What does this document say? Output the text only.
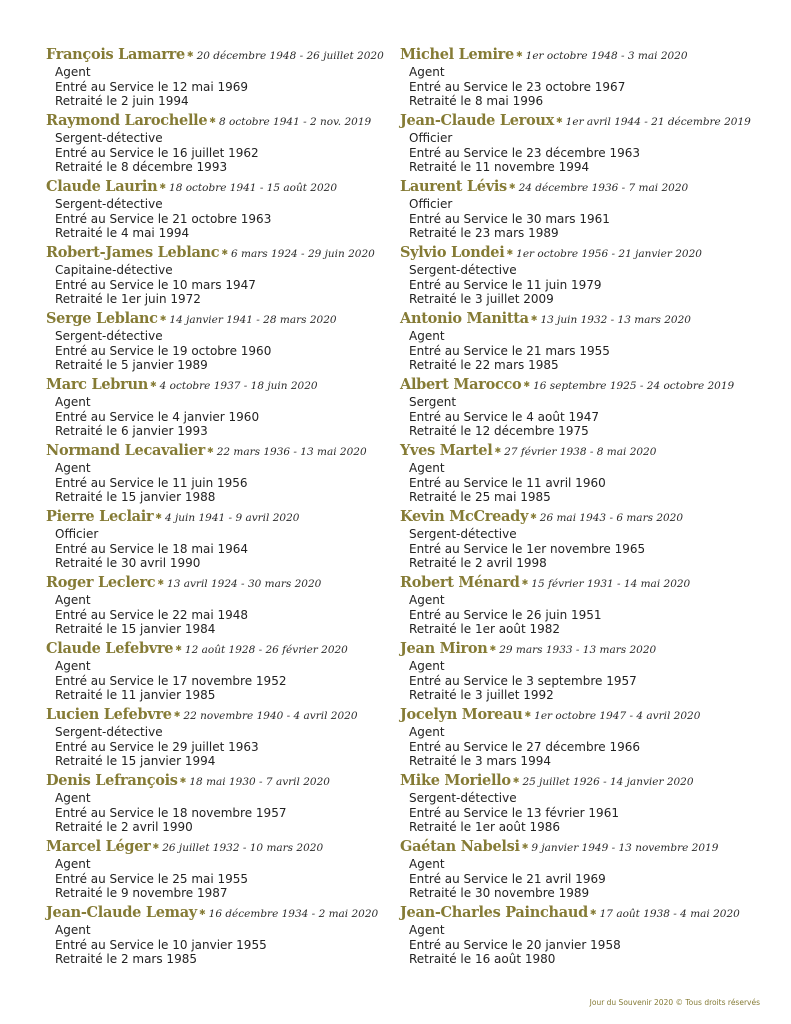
François Lamarre ✱ 20 décembre 1948 - 26 juillet 2020
Agent
Entré au Service le 12 mai 1969
Retraité le 2 juin 1994
Raymond Larochelle ✱ 8 octobre 1941 - 2 nov. 2019
Sergent-détective
Entré au Service le 16 juillet 1962
Retraité le 8 décembre 1993
Claude Laurin ✱ 18 octobre 1941 - 15 août 2020
Sergent-détective
Entré au Service le 21 octobre 1963
Retraité le 4 mai 1994
Robert-James Leblanc ✱ 6 mars 1924 - 29 juin 2020
Capitaine-détective
Entré au Service le 10 mars 1947
Retraité le 1er juin 1972
Serge Leblanc ✱ 14 janvier 1941 - 28 mars 2020
Sergent-détective
Entré au Service le 19 octobre 1960
Retraité le 5 janvier 1989
Marc Lebrun ✱ 4 octobre 1937 - 18 juin 2020
Agent
Entré au Service le 4 janvier 1960
Retraité le 6 janvier 1993
Normand Lecavalier ✱ 22 mars 1936 - 13 mai 2020
Agent
Entré au Service le 11 juin 1956
Retraité le 15 janvier 1988
Pierre Leclair ✱ 4 juin 1941 - 9 avril 2020
Officier
Entré au Service le 18 mai 1964
Retraité le 30 avril 1990
Roger Leclerc ✱ 13 avril 1924 - 30 mars 2020
Agent
Entré au Service le 22 mai 1948
Retraité le 15 janvier 1984
Claude Lefebvre ✱ 12 août 1928 - 26 février 2020
Agent
Entré au Service le 17 novembre 1952
Retraité le 11 janvier 1985
Lucien Lefebvre ✱ 22 novembre 1940 - 4 avril 2020
Sergent-détective
Entré au Service le 29 juillet 1963
Retraité le 15 janvier 1994
Denis Lefrançois ✱ 18 mai 1930 - 7 avril 2020
Agent
Entré au Service le 18 novembre 1957
Retraité le 2 avril 1990
Marcel Léger ✱ 26 juillet 1932 - 10 mars 2020
Agent
Entré au Service le 25 mai 1955
Retraité le 9 novembre 1987
Jean-Claude Lemay ✱ 16 décembre 1934 - 2 mai 2020
Agent
Entré au Service le 10 janvier 1955
Retraité le 2 mars 1985
Michel Lemire ✱ 1er octobre 1948 - 3 mai 2020
Agent
Entré au Service le 23 octobre 1967
Retraité le 8 mai 1996
Jean-Claude Leroux ✱ 1er avril 1944 - 21 décembre 2019
Officier
Entré au Service le 23 décembre 1963
Retraité le 11 novembre 1994
Laurent Lévis ✱ 24 décembre 1936 - 7 mai 2020
Officier
Entré au Service le 30 mars 1961
Retraité le 23 mars 1989
Sylvio Londei ✱ 1er octobre 1956 - 21 janvier 2020
Sergent-détective
Entré au Service le 11 juin 1979
Retraité le 3 juillet 2009
Antonio Manitta ✱ 13 juin 1932 - 13 mars 2020
Agent
Entré au Service le 21 mars 1955
Retraité le 22 mars 1985
Albert Marocco ✱ 16 septembre 1925 - 24 octobre 2019
Sergent
Entré au Service le 4 août 1947
Retraité le 12 décembre 1975
Yves Martel ✱ 27 février 1938 - 8 mai 2020
Agent
Entré au Service le 11 avril 1960
Retraité le 25 mai 1985
Kevin McCready ✱ 26 mai 1943 - 6 mars 2020
Sergent-détective
Entré au Service le 1er novembre 1965
Retraité le 2 avril 1998
Robert Ménard ✱ 15 février 1931 - 14 mai 2020
Agent
Entré au Service le 26 juin 1951
Retraité le 1er août 1982
Jean Miron ✱ 29 mars 1933 - 13 mars 2020
Agent
Entré au Service le 3 septembre 1957
Retraité le 3 juillet 1992
Jocelyn Moreau ✱ 1er octobre 1947 - 4 avril 2020
Agent
Entré au Service le 27 décembre 1966
Retraité le 3 mars 1994
Mike Moriello ✱ 25 juillet 1926 - 14 janvier 2020
Sergent-détective
Entré au Service le 13 février 1961
Retraité le 1er août 1986
Gaétan Nabelsi ✱ 9 janvier 1949 - 13 novembre 2019
Agent
Entré au Service le 21 avril 1969
Retraité le 30 novembre 1989
Jean-Charles Painchaud ✱ 17 août 1938 - 4 mai 2020
Agent
Entré au Service le 20 janvier 1958
Retraité le 16 août 1980
Jour du Souvenir 2020 © Tous droits réservés
